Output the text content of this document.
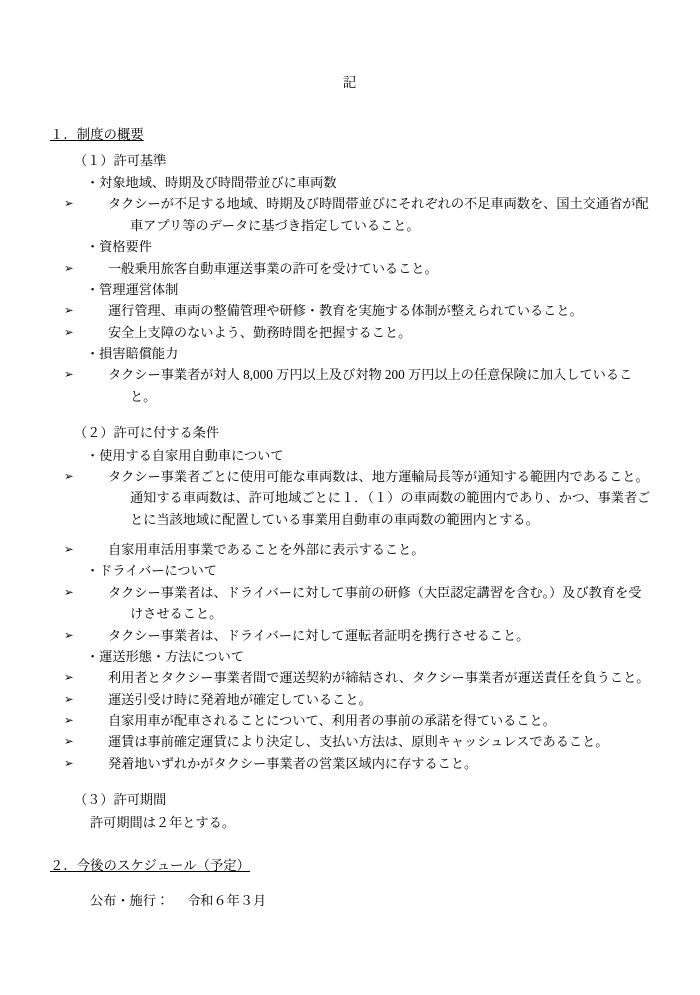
記
１．制度の概要
（１）許可基準
・対象地域、時期及び時間帯並びに車両数
➢	タクシーが不足する地域、時期及び時間帯並びにそれぞれの不足車両数を、国土交通省が配車アプリ等のデータに基づき指定していること。
・資格要件
➢	一般乗用旅客自動車運送事業の許可を受けていること。
・管理運営体制
➢	運行管理、車両の整備管理や研修・教育を実施する体制が整えられていること。
➢	安全上支障のないよう、勤務時間を把握すること。
・損害賠償能力
➢	タクシー事業者が対人 8,000 万円以上及び対物 200 万円以上の任意保険に加入していること。
（２）許可に付する条件
・使用する自家用自動車について
➢	タクシー事業者ごとに使用可能な車両数は、地方運輸局長等が通知する範囲内であること。通知する車両数は、許可地域ごとに１．（１）の車両数の範囲内であり、かつ、事業者ごとに当該地域に配置している事業用自動車の車両数の範囲内とする。
➢	自家用車活用事業であることを外部に表示すること。
・ドライバーについて
➢	タクシー事業者は、ドライバーに対して事前の研修（大臣認定講習を含む。）及び教育を受けさせること。
➢	タクシー事業者は、ドライバーに対して運転者証明を携行させること。
・運送形態・方法について
➢	利用者とタクシー事業者間で運送契約が締結され、タクシー事業者が運送責任を負うこと。
➢	運送引受け時に発着地が確定していること。
➢	自家用車が配車されることについて、利用者の事前の承諾を得ていること。
➢	運賃は事前確定運賃により決定し、支払い方法は、原則キャッシュレスであること。
➢	発着地いずれかがタクシー事業者の営業区域内に存すること。
（３）許可期間
許可期間は２年とする。
２．今後のスケジュール（予定）
公布・施行： 令和６年３月
